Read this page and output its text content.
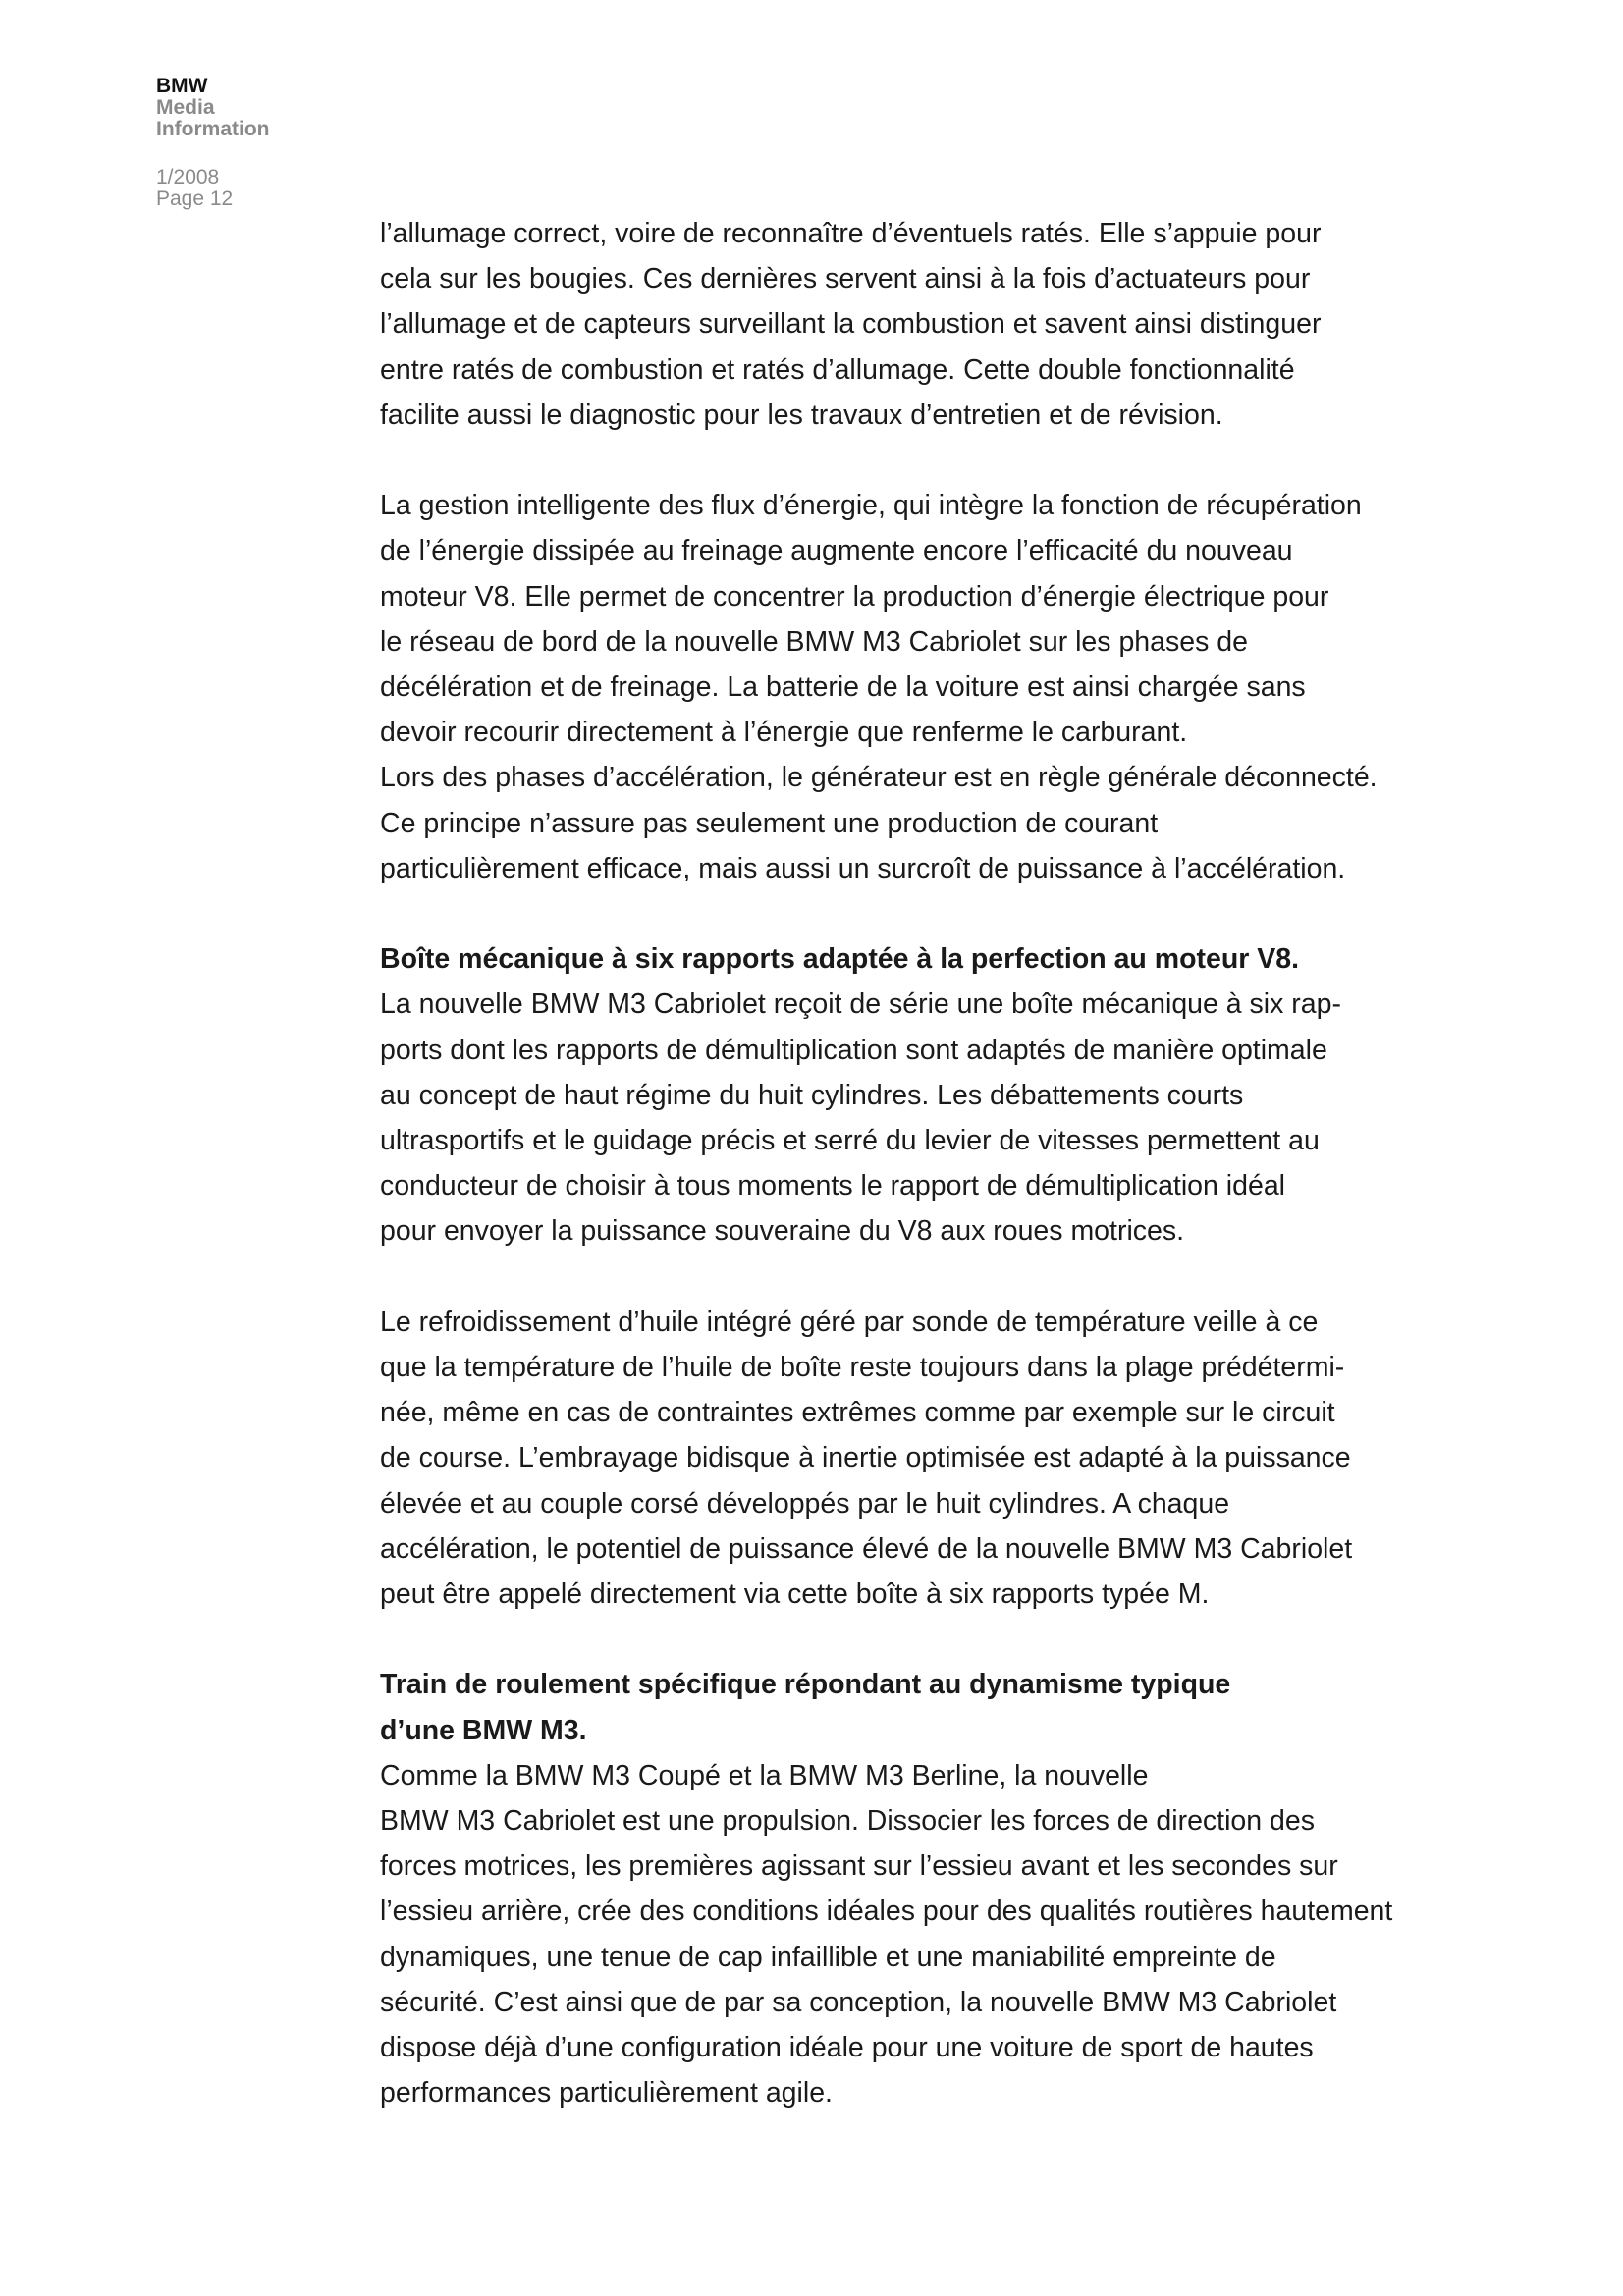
BMW
Media
Information
1/2008
Page 12
l’allumage correct, voire de reconnaître d’éventuels ratés. Elle s’appuie pour
cela sur les bougies. Ces dernières servent ainsi à la fois d’actuateurs pour
l’allumage et de capteurs surveillant la combustion et savent ainsi distinguer
entre ratés de combustion et ratés d’allumage. Cette double fonctionnalité
facilite aussi le diagnostic pour les travaux d’entretien et de révision.
La gestion intelligente des flux d’énergie, qui intègre la fonction de récupération
de l’énergie dissipée au freinage augmente encore l’efficacité du nouveau
moteur V8. Elle permet de concentrer la production d’énergie électrique pour
le réseau de bord de la nouvelle BMW M3 Cabriolet sur les phases de
décélération et de freinage. La batterie de la voiture est ainsi chargée sans
devoir recourir directement à l’énergie que renferme le carburant.
Lors des phases d’accélération, le générateur est en règle générale déconnecté.
Ce principe n’assure pas seulement une production de courant
particulièrement efficace, mais aussi un surcroît de puissance à l’accélération.
Boîte mécanique à six rapports adaptée à la perfection au moteur V8.
La nouvelle BMW M3 Cabriolet reçoit de série une boîte mécanique à six rap-
ports dont les rapports de démultiplication sont adaptés de manière optimale
au concept de haut régime du huit cylindres. Les débattements courts
ultrasportifs et le guidage précis et serré du levier de vitesses permettent au
conducteur de choisir à tous moments le rapport de démultiplication idéal
pour envoyer la puissance souveraine du V8 aux roues motrices.
Le refroidissement d’huile intégré géré par sonde de température veille à ce
que la température de l’huile de boîte reste toujours dans la plage prédétermi-
née, même en cas de contraintes extrêmes comme par exemple sur le circuit
de course. L’embrayage bidisque à inertie optimisée est adapté à la puissance
élevée et au couple corsé développés par le huit cylindres. A chaque
accélération, le potentiel de puissance élevé de la nouvelle BMW M3 Cabriolet
peut être appelé directement via cette boîte à six rapports typée M.
Train de roulement spécifique répondant au dynamisme typique
d’une BMW M3.
Comme la BMW M3 Coupé et la BMW M3 Berline, la nouvelle
BMW M3 Cabriolet est une propulsion. Dissocier les forces de direction des
forces motrices, les premières agissant sur l’essieu avant et les secondes sur
l’essieu arrière, crée des conditions idéales pour des qualités routières hautement
dynamiques, une tenue de cap infaillible et une maniabilité empreinte de
sécurité. C’est ainsi que de par sa conception, la nouvelle BMW M3 Cabriolet
dispose déjà d’une configuration idéale pour une voiture de sport de hautes
performances particulièrement agile.
